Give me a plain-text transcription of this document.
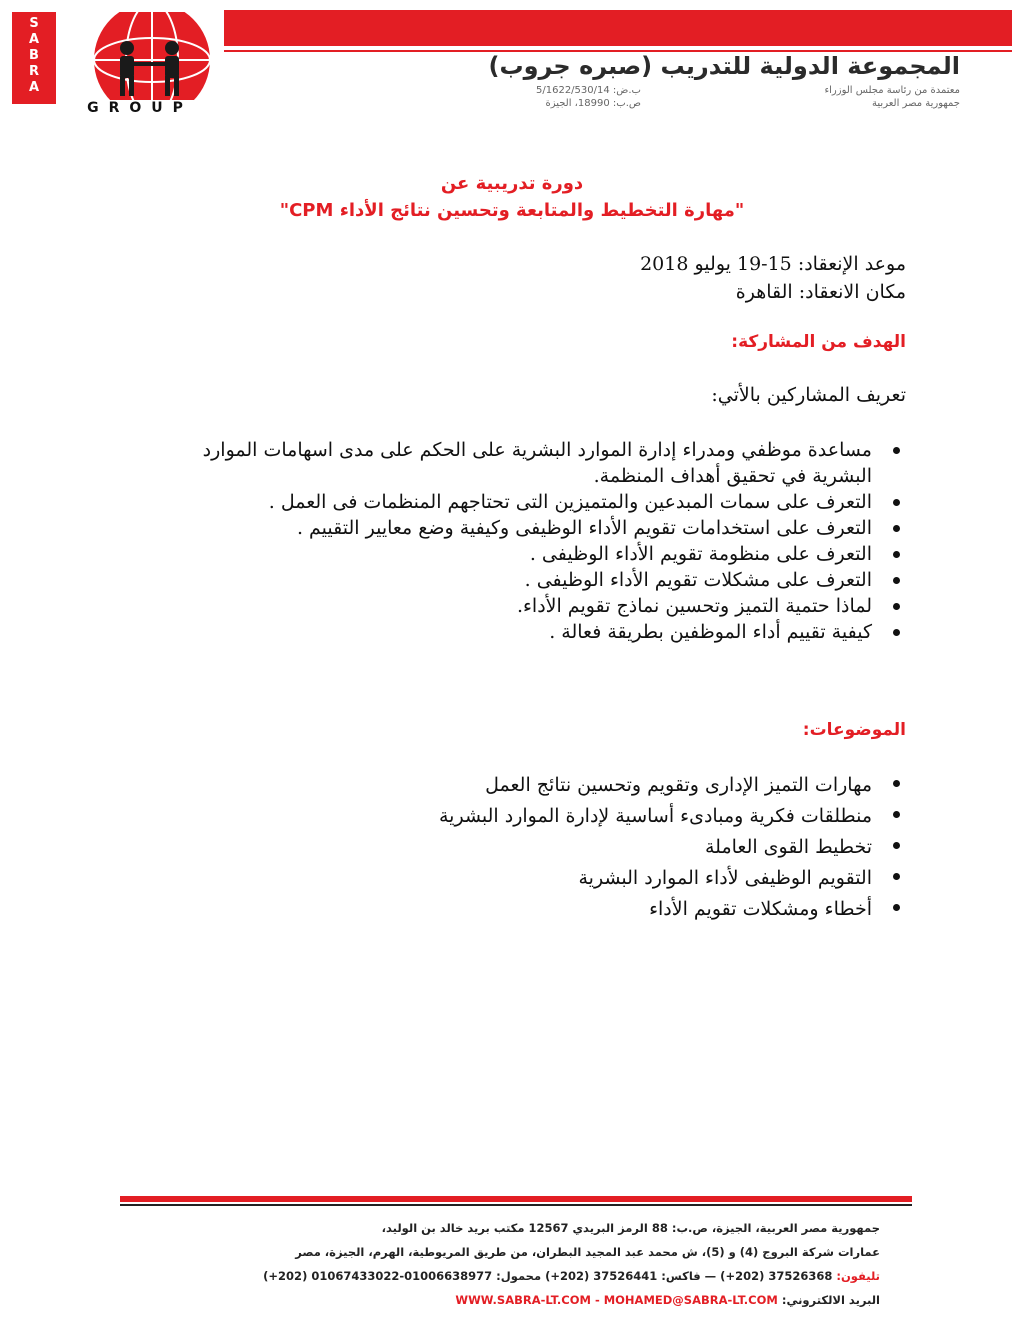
SABRA
GROUP
المجموعة الدولية للتدريب (صبره جروب)
معتمدة من رئاسة مجلس الوزراء
جمهورية مصر العربية
ب.ض: 5/1622/530/14
ص.ب: 18990، الجيزة
دورة تدريبية عن
"مهارة التخطيط والمتابعة وتحسين نتائج الأداء CPM"
موعد الإنعقاد: 15-19 يوليو 2018
مكان الانعقاد: القاهرة
الهدف من المشاركة:
تعريف المشاركين بالأتي:
مساعدة موظفي ومدراء إدارة الموارد البشرية على الحكم على مدى اسهامات الموارد البشرية في تحقيق أهداف المنظمة.
التعرف على سمات المبدعين والمتميزين التى تحتاجهم المنظمات فى العمل .
التعرف على استخدامات تقويم الأداء الوظيفى وكيفية وضع معايير التقييم .
التعرف على منظومة تقويم الأداء الوظيفى .
التعرف على مشكلات تقويم الأداء الوظيفى .
لماذا حتمية التميز وتحسين نماذج تقويم الأداء.
كيفية تقييم أداء الموظفين بطريقة فعالة .
الموضوعات:
مهارات التميز الإدارى وتقويم وتحسين نتائج العمل
منطلقات فكرية ومبادىء أساسية لإدارة الموارد البشرية
تخطيط القوى العاملة
التقويم الوظيفى لأداء الموارد البشرية
أخطاء ومشكلات تقويم الأداء
جمهورية مصر العربية، الجيزة، ص.ب: 88 الرمز البريدي 12567 مكتب بريد خالد بن الوليد،
عمارات شركة البروج (4) و (5)، ش محمد عبد المجيد البطران، من طريق المريوطية، الهرم، الجيزة، مصر
تليفون: 37526368 (202+) — فاكس: 37526441 (202+) محمول: 01006638977-01067433022 (202+)
البريد الالكتروني: WWW.SABRA-LT.COM - MOHAMED@SABRA-LT.COM
